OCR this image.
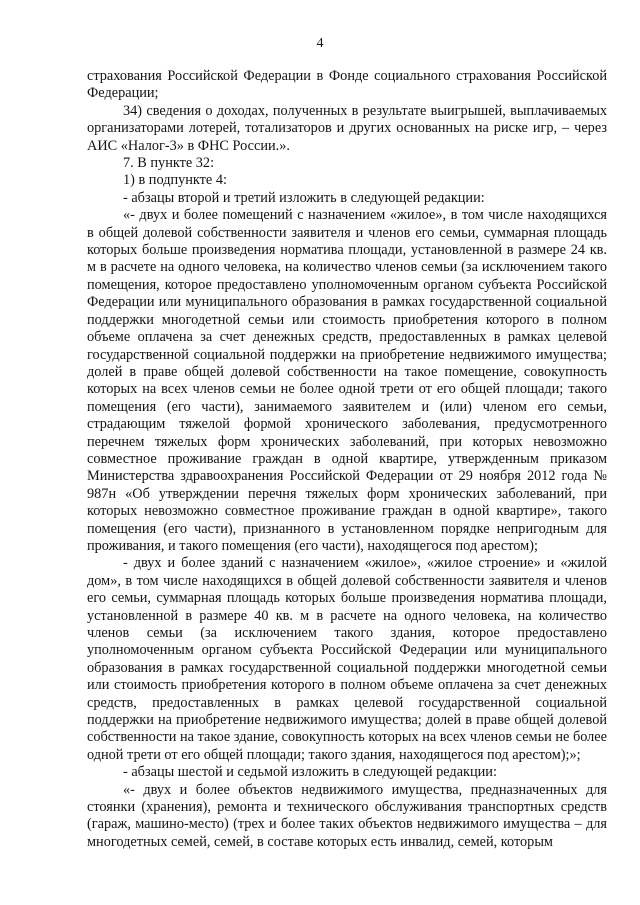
4

страхования Российской Федерации в Фонде социального страхования Российской Федерации;

34) сведения о доходах, полученных в результате выигрышей, выплачиваемых организаторами лотерей, тотализаторов и других основанных на риске игр, – через АИС «Налог-3» в ФНС России.».

7. В пункте 32:

1) в подпункте 4:

- абзацы второй и третий изложить в следующей редакции:

«- двух и более помещений с назначением «жилое», в том числе находящихся в общей долевой собственности заявителя и членов его семьи, суммарная площадь которых больше произведения норматива площади, установленной в размере 24 кв. м в расчете на одного человека, на количество членов семьи (за исключением такого помещения, которое предоставлено уполномоченным органом субъекта Российской Федерации или муниципального образования в рамках государственной социальной поддержки многодетной семьи или стоимость приобретения которого в полном объеме оплачена за счет денежных средств, предоставленных в рамках целевой государственной социальной поддержки на приобретение недвижимого имущества; долей в праве общей долевой собственности на такое помещение, совокупность которых на всех членов семьи не более одной трети от его общей площади; такого помещения (его части), занимаемого заявителем и (или) членом его семьи, страдающим тяжелой формой хронического заболевания, предусмотренного перечнем тяжелых форм хронических заболеваний, при которых невозможно совместное проживание граждан в одной квартире, утвержденным приказом Министерства здравоохранения Российской Федерации от 29 ноября 2012 года № 987н «Об утверждении перечня тяжелых форм хронических заболеваний, при которых невозможно совместное проживание граждан в одной квартире», такого помещения (его части), признанного в установленном порядке непригодным для проживания, и такого помещения (его части), находящегося под арестом);

- двух и более зданий с назначением «жилое», «жилое строение» и «жилой дом», в том числе находящихся в общей долевой собственности заявителя и членов его семьи, суммарная площадь которых больше произведения норматива площади, установленной в размере 40 кв. м в расчете на одного человека, на количество членов семьи (за исключением такого здания, которое предоставлено уполномоченным органом субъекта Российской Федерации или муниципального образования в рамках государственной социальной поддержки многодетной семьи или стоимость приобретения которого в полном объеме оплачена за счет денежных средств, предоставленных в рамках целевой государственной социальной поддержки на приобретение недвижимого имущества; долей в праве общей долевой собственности на такое здание, совокупность которых на всех членов семьи не более одной трети от его общей площади; такого здания, находящегося под арестом);»;

- абзацы шестой и седьмой изложить в следующей редакции:

«- двух и более объектов недвижимого имущества, предназначенных для стоянки (хранения), ремонта и технического обслуживания транспортных средств (гараж, машино-место) (трех и более таких объектов недвижимого имущества – для многодетных семей, семей, в составе которых есть инвалид, семей, которым
